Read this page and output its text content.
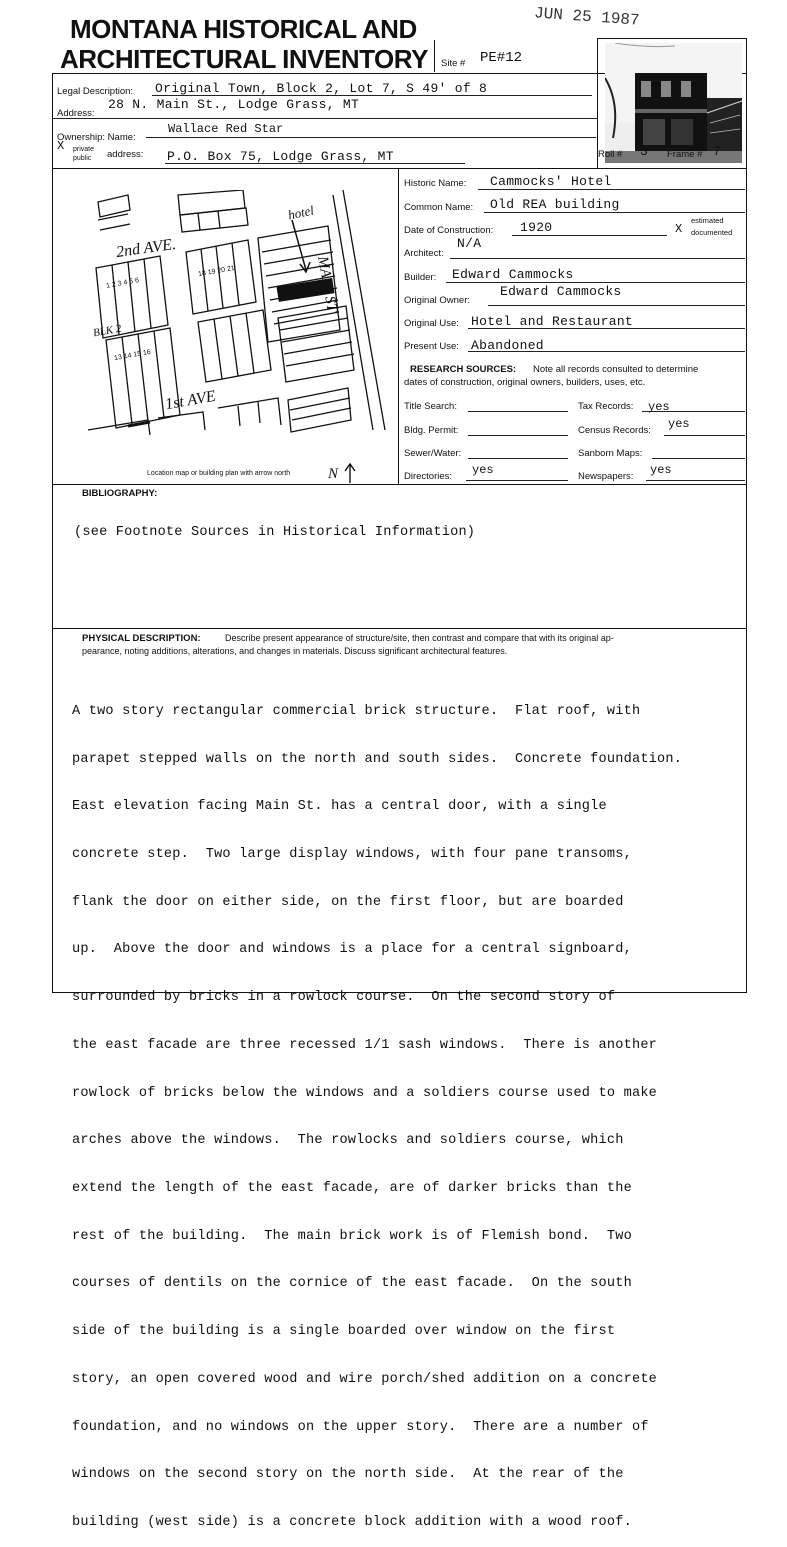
MONTANA HISTORICAL AND
ARCHITECTURAL INVENTORY Site # PE#12
JUN 25 1987
Legal Description: Original Town, Block 2, Lot 7, S 49' of 8
Address:
28 N. Main St., Lodge Grass, MT
Ownership: Name:
Wallace Red Star
X private
public address: P.O. Box 75, Lodge Grass, MT	Roll # 3 Frame # 7
2nd AVE.
1st AVE
MAIN ST
hotel
BLK 2
Location map or building plan with arrow north	N
Historic Name: Cammocks' Hotel
Common Name: Old REA building
Date of Construction: 1920	estimated
X documented
Architect:
N/A
Builder: Edward Cammocks
Original Owner:
Edward Cammocks
Original Use: Hotel and Restaurant
Present Use: Abandoned
RESEARCH SOURCES: Note all records consulted to determine
dates of construction, original owners, builders, uses, etc.
Title Search:	Tax Records: yes
Bldg. Permit:	Census Records: yes
Sewer/Water:	Sanborn Maps:
Directories: yes	Newspapers: yes
BIBLIOGRAPHY:
(see Footnote Sources in Historical Information)
PHYSICAL DESCRIPTION:	Describe present appearance of structure/site, then contrast and compare that with its original ap-
pearance, noting additions, alterations, and changes in materials. Discuss significant architectural features.

A two story rectangular commercial brick structure.  Flat roof, with

parapet stepped walls on the north and south sides.  Concrete foundation.

East elevation facing Main St. has a central door, with a single

concrete step.  Two large display windows, with four pane transoms,

flank the door on either side, on the first floor, but are boarded

up.  Above the door and windows is a place for a central signboard,

surrounded by bricks in a rowlock course.  On the second story of

the east facade are three recessed 1/1 sash windows.  There is another

rowlock of bricks below the windows and a soldiers course used to make

arches above the windows.  The rowlocks and soldiers course, which

extend the length of the east facade, are of darker bricks than the

rest of the building.  The main brick work is of Flemish bond.  Two

courses of dentils on the cornice of the east facade.  On the south

side of the building is a single boarded over window on the first

story, an open covered wood and wire porch/shed addition on a concrete

foundation, and no windows on the upper story.  There are a number of

windows on the second story on the north side.  At the rear of the

building (west side) is a concrete block addition with a wood roof.

1 2 3 4 5 6
18 19 20 21
13 14 15 16
